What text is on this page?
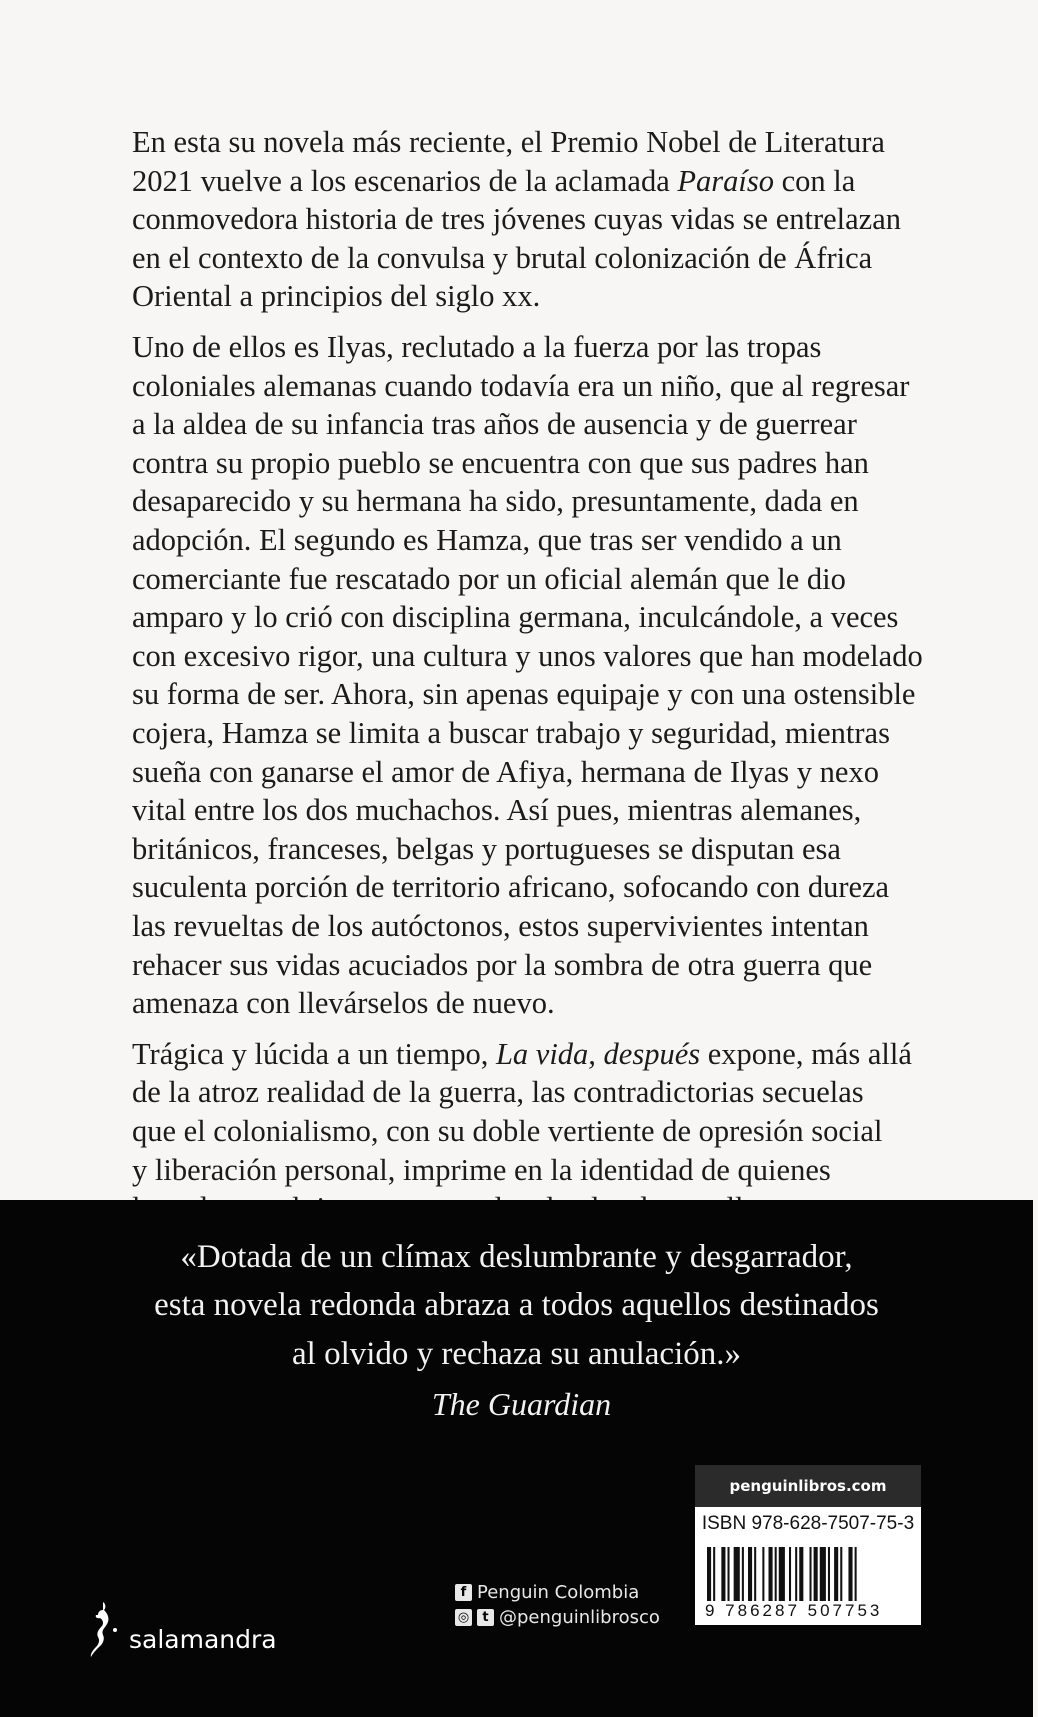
En esta su novela más reciente, el Premio Nobel de Literatura
2021 vuelve a los escenarios de la aclamada Paraíso con la
conmovedora historia de tres jóvenes cuyas vidas se entrelazan
en el contexto de la convulsa y brutal colonización de África
Oriental a principios del siglo xx.
Uno de ellos es Ilyas, reclutado a la fuerza por las tropas
coloniales alemanas cuando todavía era un niño, que al regresar
a la aldea de su infancia tras años de ausencia y de guerrear
contra su propio pueblo se encuentra con que sus padres han
desaparecido y su hermana ha sido, presuntamente, dada en
adopción. El segundo es Hamza, que tras ser vendido a un
comerciante fue rescatado por un oficial alemán que le dio
amparo y lo crió con disciplina germana, inculcándole, a veces
con excesivo rigor, una cultura y unos valores que han modelado
su forma de ser. Ahora, sin apenas equipaje y con una ostensible
cojera, Hamza se limita a buscar trabajo y seguridad, mientras
sueña con ganarse el amor de Afiya, hermana de Ilyas y nexo
vital entre los dos muchachos. Así pues, mientras alemanes,
británicos, franceses, belgas y portugueses se disputan esa
suculenta porción de territorio africano, sofocando con dureza
las revueltas de los autóctonos, estos supervivientes intentan
rehacer sus vidas acuciados por la sombra de otra guerra que
amenaza con llevárselos de nuevo.
Trágica y lúcida a un tiempo, La vida, después expone, más allá
de la atroz realidad de la guerra, las contradictorias secuelas
que el colonialismo, con su doble vertiente de opresión social
y liberación personal, imprime en la identidad de quienes
«Dotada de un clímax deslumbrante y desgarrador,
esta novela redonda abraza a todos aquellos destinados
al olvido y rechaza su anulación.»
The Guardian
salamandra
f Penguin Colombia
◎	t @penguinlibrosco
penguinlibros.com
ISBN 978-628-7507-75-3
9 786287 507753
